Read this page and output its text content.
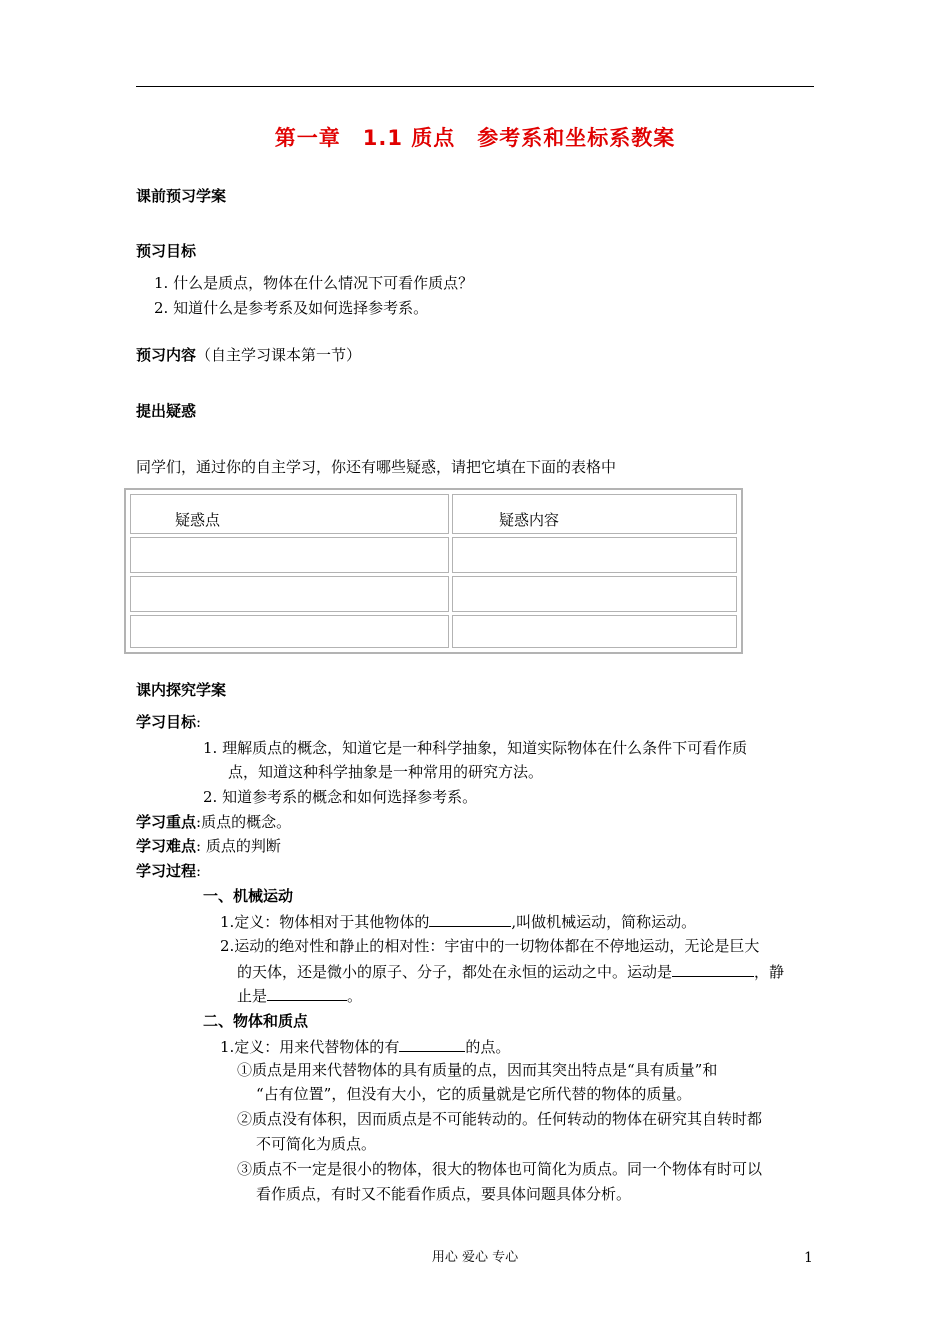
第一章　1.1 质点　参考系和坐标系教案
课前预习学案
预习目标
1. 什么是质点，物体在什么情况下可看作质点？
2. 知道什么是参考系及如何选择参考系。
预习内容（自主学习课本第一节）
提出疑惑
同学们，通过你的自主学习，你还有哪些疑惑，请把它填在下面的表格中
疑惑点	疑惑内容
课内探究学案
学习目标:
1. 理解质点的概念，知道它是一种科学抽象，知道实际物体在什么条件下可看作质
点，知道这种科学抽象是一种常用的研究方法。
2. 知道参考系的概念和如何选择参考系。
学习重点:质点的概念。
学习难点: 质点的判断
学习过程:
一、机械运动
1.定义：物体相对于其他物体的	,叫做机械运动，简称运动。
2.运动的绝对性和静止的相对性：宇宙中的一切物体都在不停地运动，无论是巨大
的天体，还是微小的原子、分子，都处在永恒的运动之中。运动是	，静
止是	。
二、物体和质点
1.定义：用来代替物体的有	的点。
①质点是用来代替物体的具有质量的点，因而其突出特点是“具有质量”和
“占有位置”，但没有大小，它的质量就是它所代替的物体的质量。
②质点没有体积，因而质点是不可能转动的。任何转动的物体在研究其自转时都
不可简化为质点。
③质点不一定是很小的物体，很大的物体也可简化为质点。同一个物体有时可以
看作质点，有时又不能看作质点，要具体问题具体分析。
用心 爱心 专心	1
